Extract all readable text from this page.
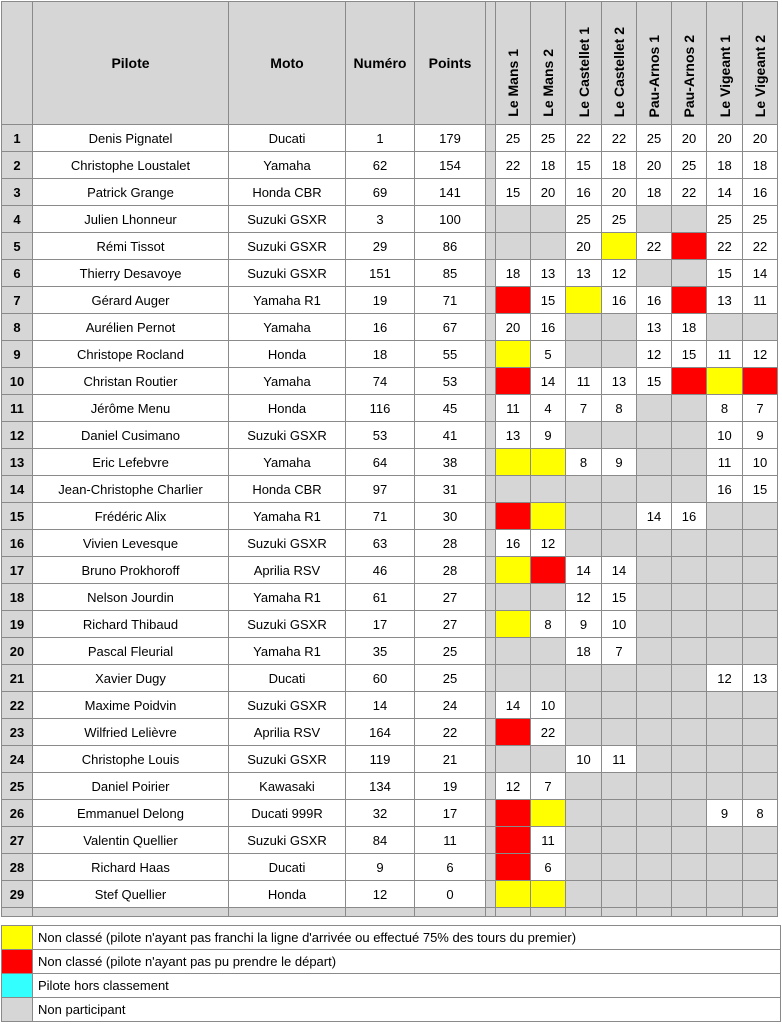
	Pilote	Moto	Numéro	Points		Le Mans 1	Le Mans 2	Le Castellet 1	Le Castellet 2	Pau-Arnos 1	Pau-Arnos 2	Le Vigeant 1	Le Vigeant 2
1	Denis Pignatel	Ducati	1	179		25	25	22	22	25	20	20	20
2	Christophe Loustalet	Yamaha	62	154		22	18	15	18	20	25	18	18
3	Patrick Grange	Honda CBR	69	141		15	20	16	20	18	22	14	16
4	Julien Lhonneur	Suzuki GSXR	3	100				25	25			25	25
5	Rémi Tissot	Suzuki GSXR	29	86				20		22		22	22
6	Thierry Desavoye	Suzuki GSXR	151	85		18	13	13	12			15	14
7	Gérard Auger	Yamaha R1	19	71			15		16	16		13	11
8	Aurélien Pernot	Yamaha	16	67		20	16			13	18		
9	Christope Rocland	Honda	18	55			5			12	15	11	12
10	Christan Routier	Yamaha	74	53			14	11	13	15			
11	Jérôme Menu	Honda	116	45		11	4	7	8			8	7
12	Daniel Cusimano	Suzuki GSXR	53	41		13	9					10	9
13	Eric Lefebvre	Yamaha	64	38				8	9			11	10
14	Jean-Christophe Charlier	Honda CBR	97	31								16	15
15	Frédéric Alix	Yamaha R1	71	30						14	16		
16	Vivien Levesque	Suzuki GSXR	63	28		16	12						
17	Bruno Prokhoroff	Aprilia RSV	46	28				14	14				
18	Nelson Jourdin	Yamaha R1	61	27				12	15				
19	Richard Thibaud	Suzuki GSXR	17	27			8	9	10				
20	Pascal Fleurial	Yamaha R1	35	25				18	7				
21	Xavier Dugy	Ducati	60	25								12	13
22	Maxime Poidvin	Suzuki GSXR	14	24		14	10						
23	Wilfried Lelièvre	Aprilia RSV	164	22			22						
24	Christophe Louis	Suzuki GSXR	119	21				10	11				
25	Daniel Poirier	Kawasaki	134	19		12	7						
26	Emmanuel Delong	Ducati 999R	32	17								9	8
27	Valentin Quellier	Suzuki GSXR	84	11			11						
28	Richard Haas	Ducati	9	6			6						
29	Stef Quellier	Honda	12	0									

	Non classé (pilote n'ayant pas franchi la ligne d'arrivée ou effectué 75% des tours du premier)
	Non classé (pilote n'ayant pas pu prendre le départ)
	Pilote hors classement
	Non participant
